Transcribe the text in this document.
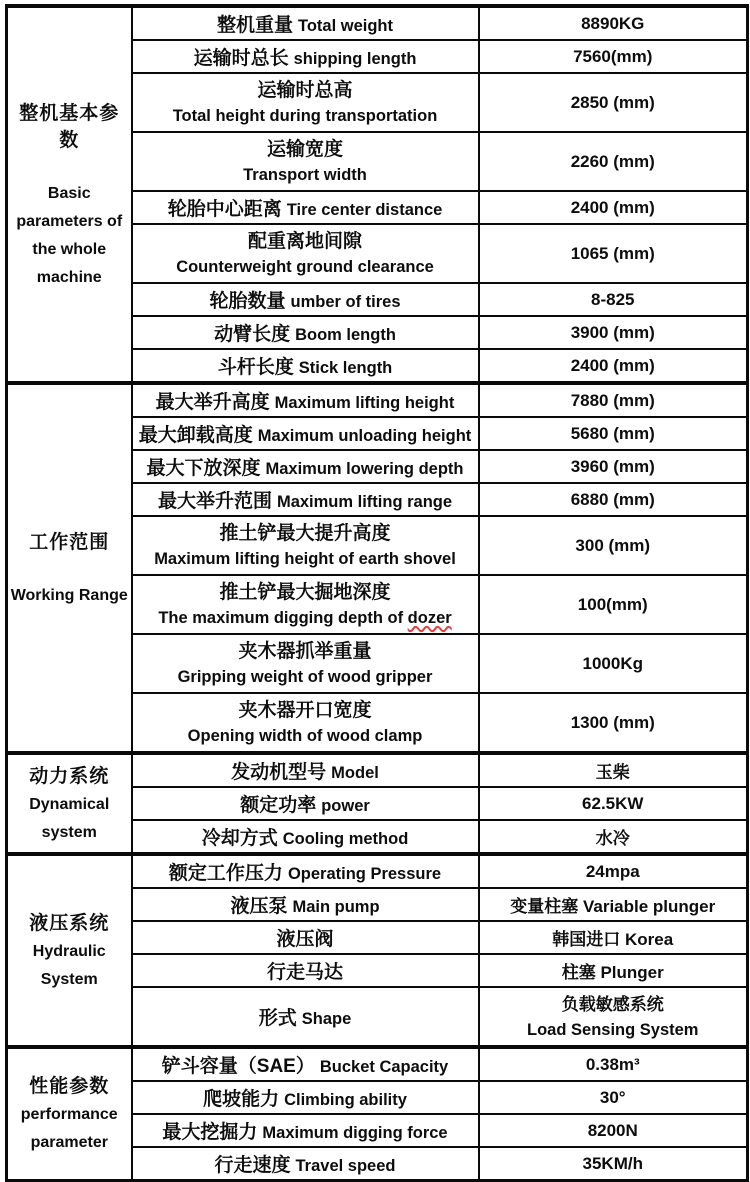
整机基本参数
Basic
parameters of
the whole
machine	整机重量 Total weight	8890KG
	运输时总长 shipping length	7560(mm)

	运输时总高
Total height during transportation	2850 (mm)

	运输宽度
Transport width	2260 (mm)
	轮胎中心距离 Tire center distance	2400 (mm)

	配重离地间隙
Counterweight ground clearance	1065 (mm)
	轮胎数量 umber of tires	8-825
	动臂长度 Boom length	3900 (mm)
	斗杆长度 Stick length	2400 (mm)

工作范围
Working Range	最大举升高度 Maximum lifting height	7880 (mm)
	最大卸载高度 Maximum unloading height	5680 (mm)
	最大下放深度 Maximum lowering depth	3960 (mm)
	最大举升范围 Maximum lifting range	6880 (mm)

	推土铲最大提升高度
Maximum lifting height of earth shovel	300 (mm)

	推土铲最大掘地深度
The maximum digging depth of dozer	100(mm)

	夹木器抓举重量
Gripping weight of wood gripper	1000Kg

	夹木器开口宽度
Opening width of wood clamp	1300 (mm)

动力系统
Dynamical
system	发动机型号 Model	玉柴
	额定功率 power	62.5KW
	冷却方式 Cooling method	水冷

液压系统
Hydraulic
System	额定工作压力 Operating Pressure	24mpa
	液压泵 Main pump	变量柱塞 Variable plunger
	液压阀	韩国进口 Korea
	行走马达	柱塞 Plunger
	形式 Shape	负载敏感系统
Load Sensing System

性能参数
performance
parameter	铲斗容量（SAE） Bucket Capacity	0.38m³
	爬坡能力 Climbing ability	30°
	最大挖掘力 Maximum digging force	8200N
	行走速度 Travel speed	35KM/h
